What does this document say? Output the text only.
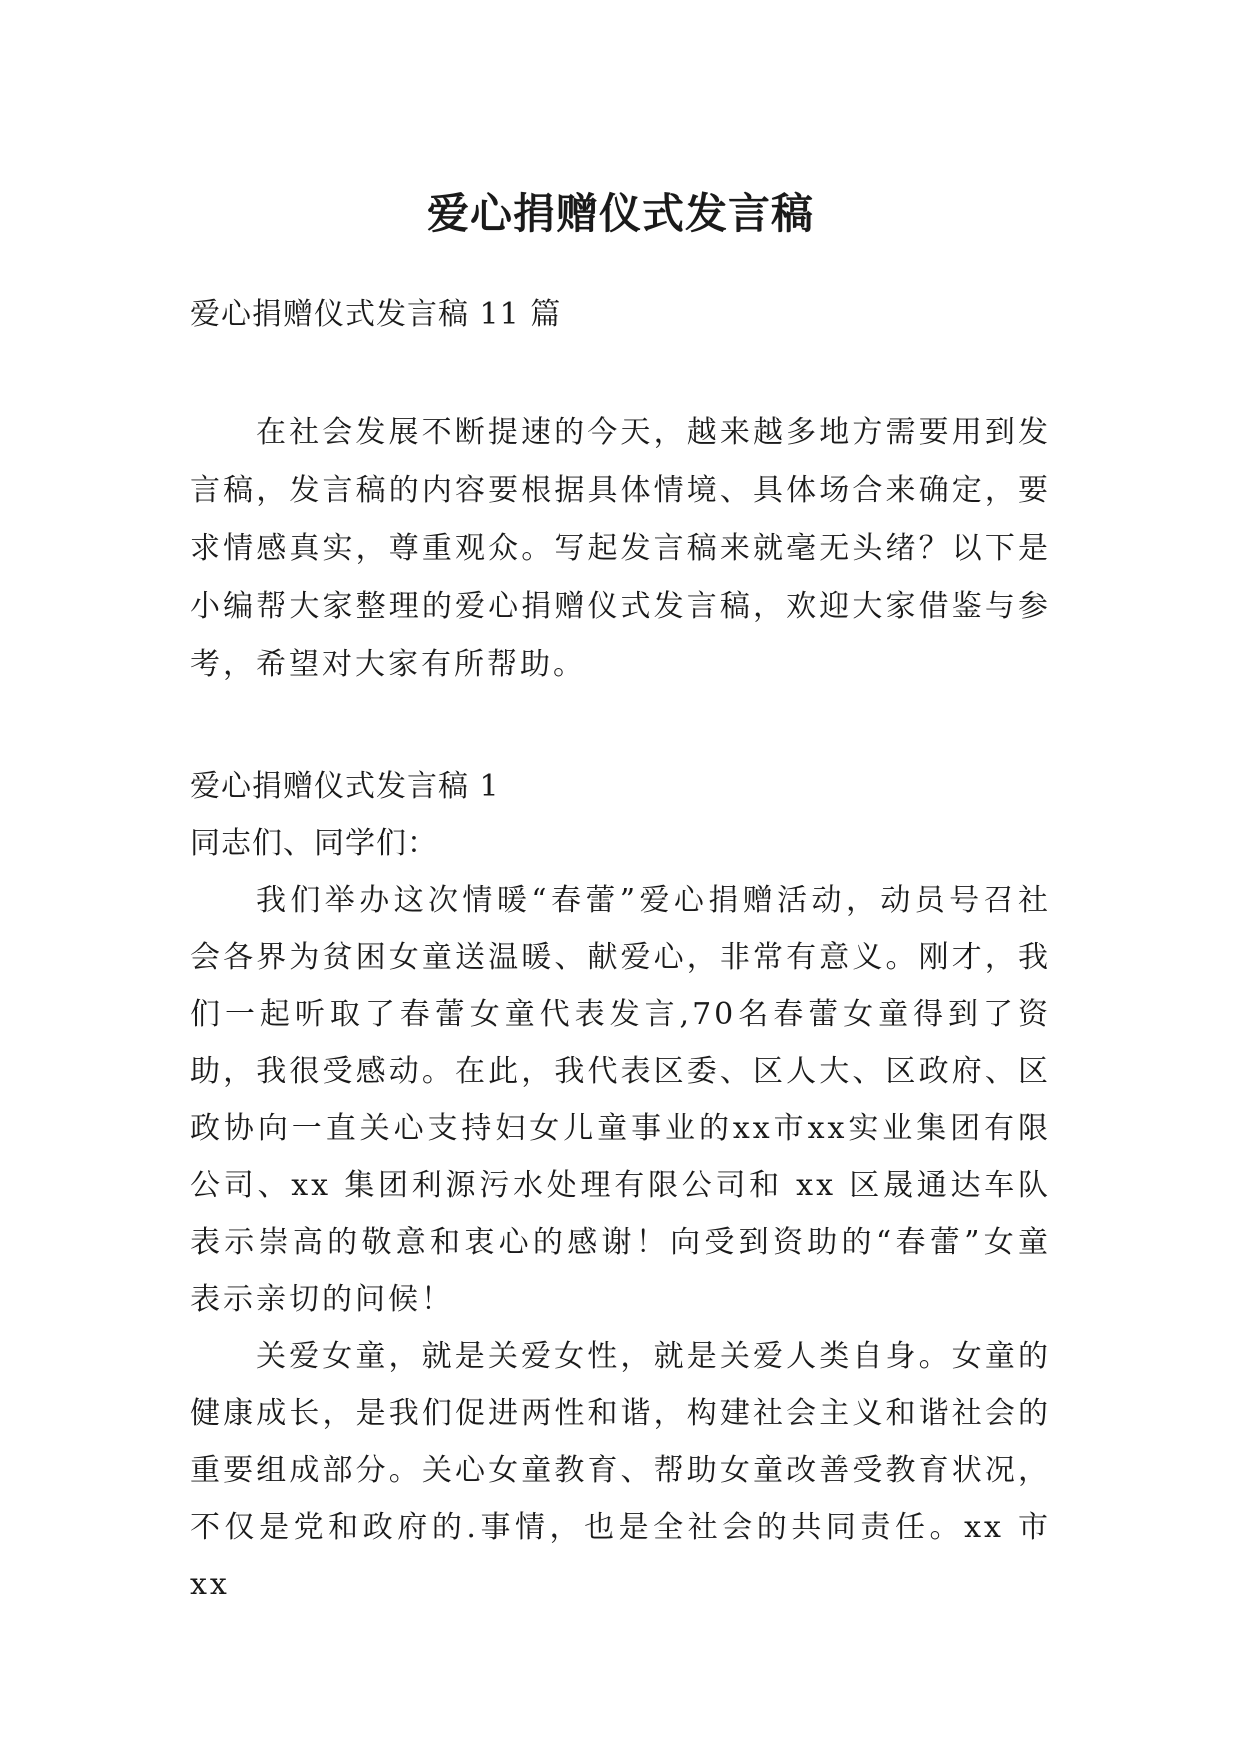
爱心捐赠仪式发言稿
爱心捐赠仪式发言稿 11 篇

在社会发展不断提速的今天，越来越多地方需要用到发言稿，发言稿的内容要根据具体情境、具体场合来确定，要求情感真实，尊重观众。写起发言稿来就毫无头绪？以下是小编帮大家整理的爱心捐赠仪式发言稿，欢迎大家借鉴与参考，希望对大家有所帮助。

爱心捐赠仪式发言稿 1

同志们、同学们：

我们举办这次情暖“春蕾”爱心捐赠活动，动员号召社会各界为贫困女童送温暖、献爱心，非常有意义。刚才，我们一起听取了春蕾女童代表发言,70名春蕾女童得到了资助，我很受感动。在此，我代表区委、区人大、区政府、区政协向一直关心支持妇女儿童事业的xx市xx实业集团有限公司、xx 集团利源污水处理有限公司和 xx 区晟通达车队表示崇高的敬意和衷心的感谢！向受到资助的“春蕾”女童表示亲切的问候！

关爱女童，就是关爱女性，就是关爱人类自身。女童的健康成长，是我们促进两性和谐，构建社会主义和谐社会的重要组成部分。关心女童教育、帮助女童改善受教育状况，不仅是党和政府的.事情，也是全社会的共同责任。xx 市 xx
